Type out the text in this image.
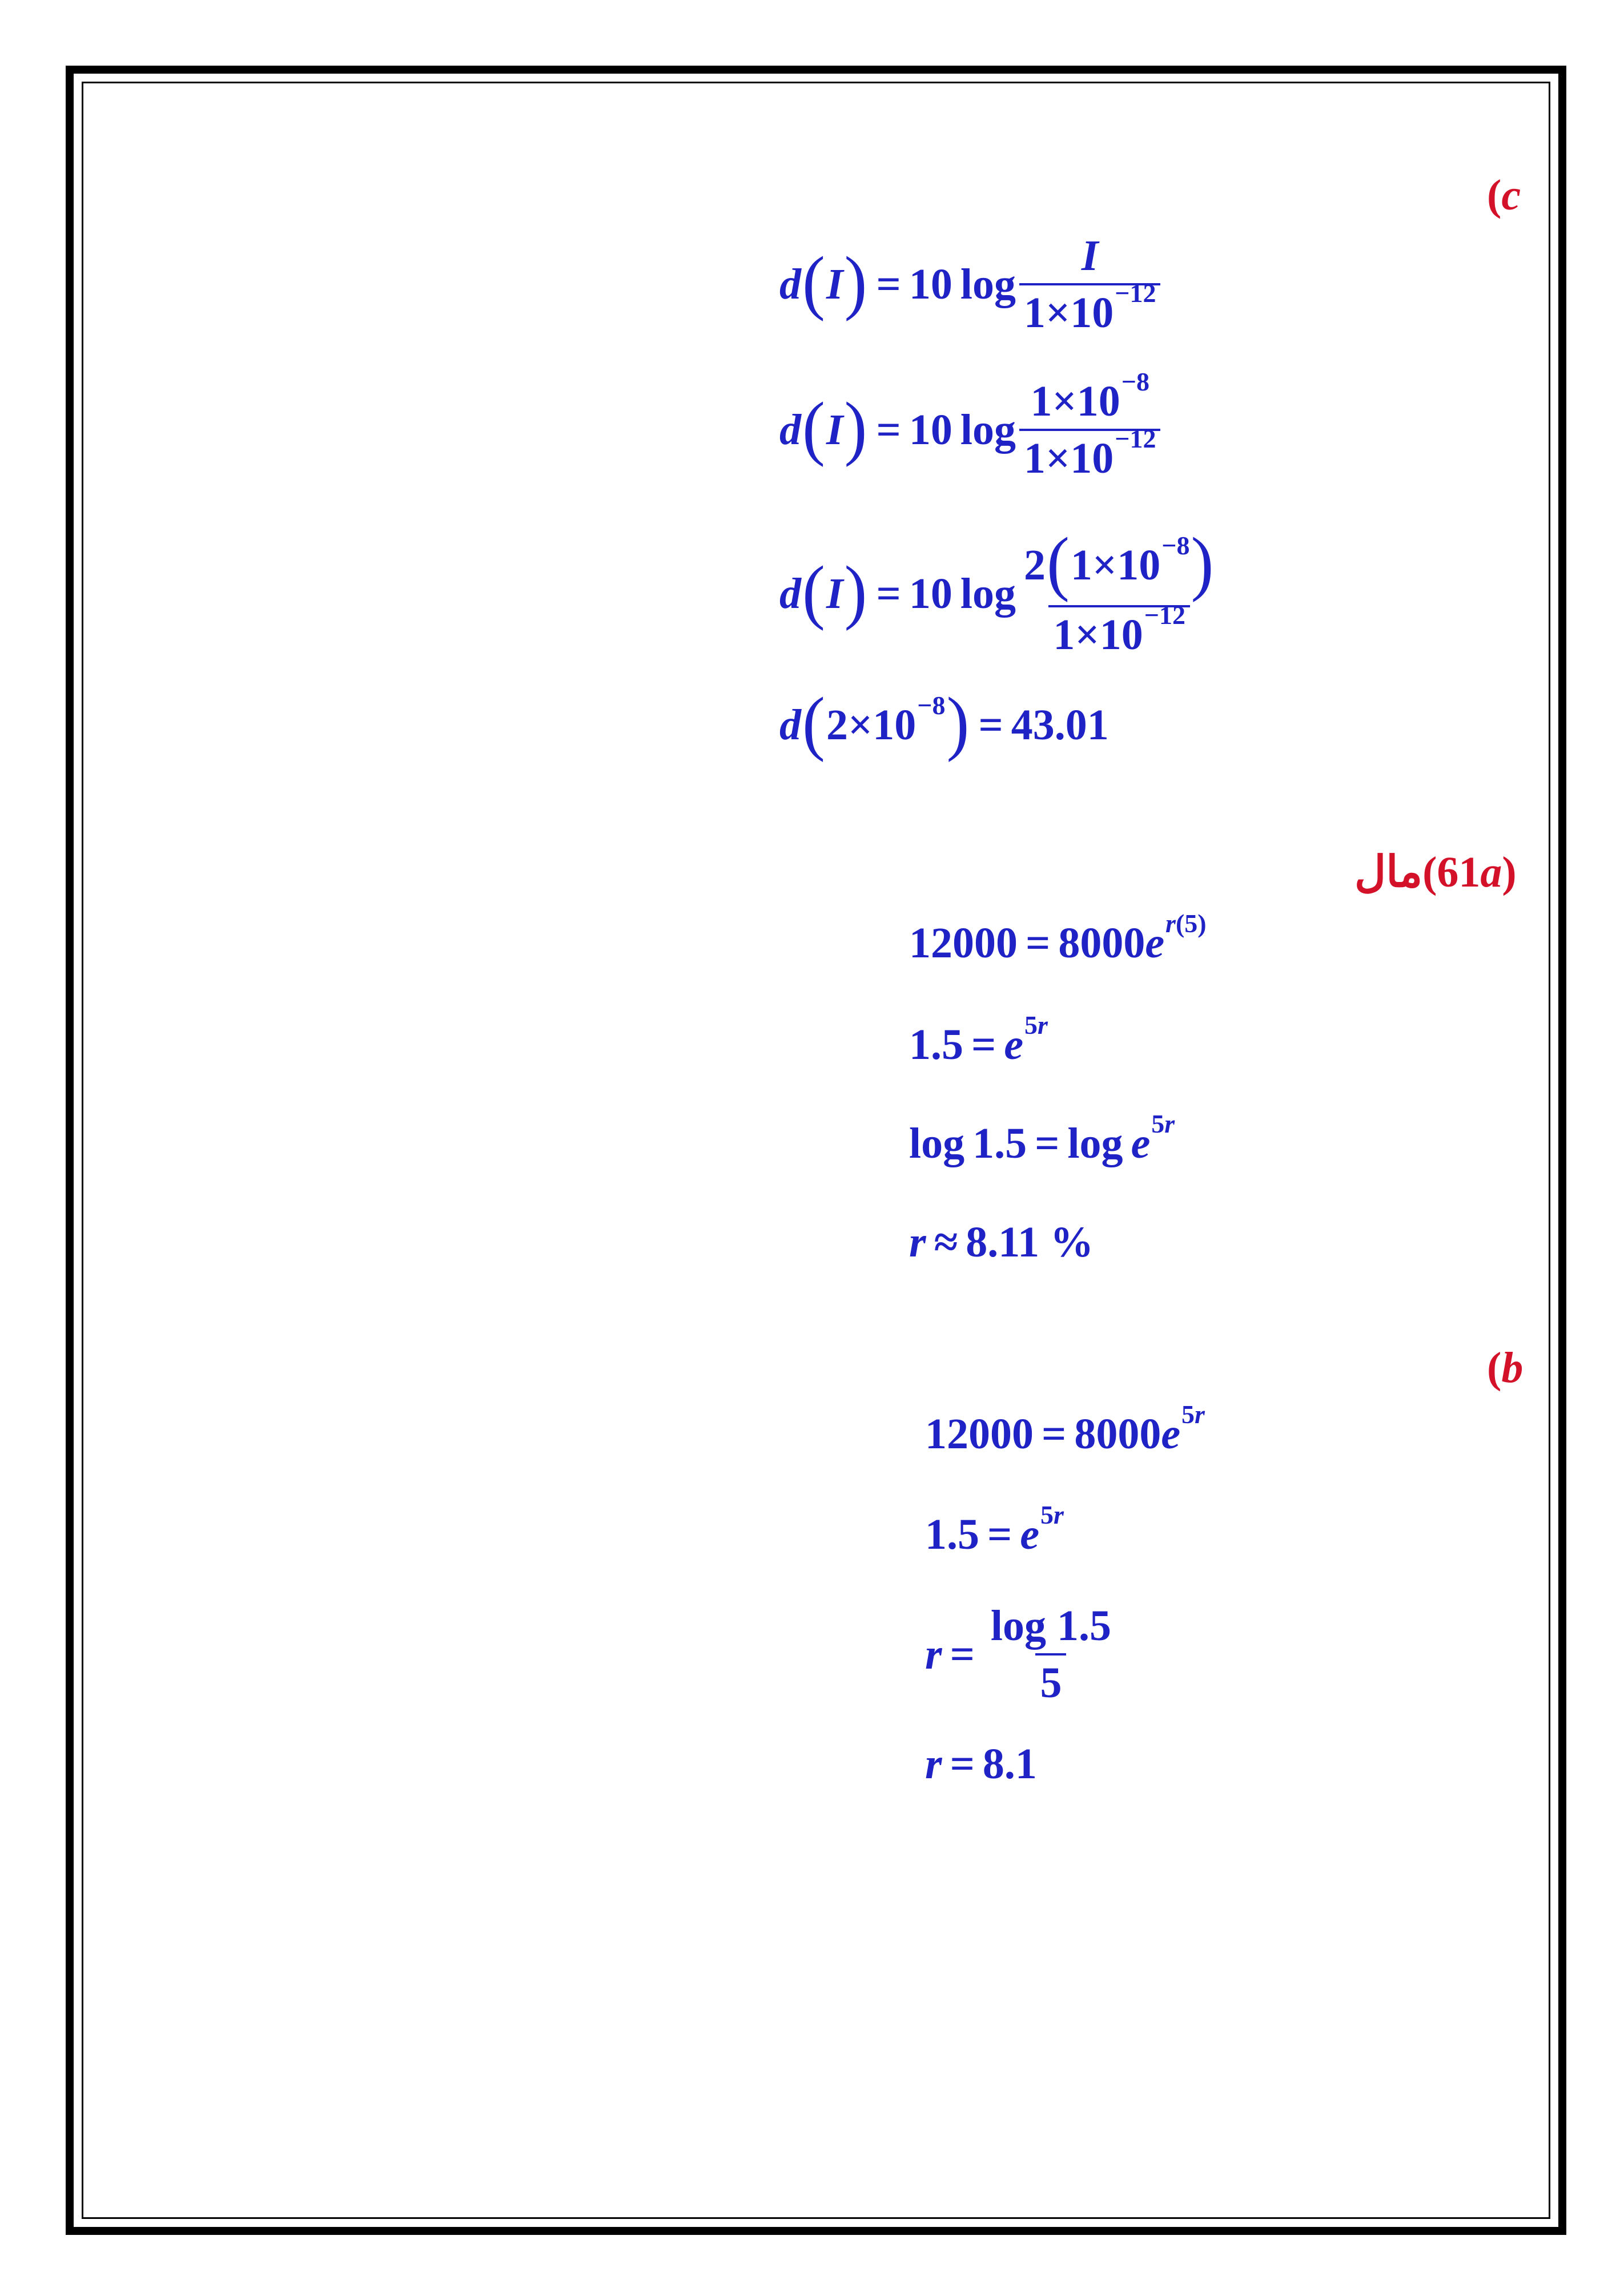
(c
d ( I ) = 10 $\log \frac{I}{1\times 10^{-12}}$
d ( I ) = 10 $\log \frac{1\times 10^{-8}}{1\times 10^{-12}}$
d ( I ) = 10 $\log \frac{2 ( 1\times 10^{-8} )}{1\times 10^{-12}}$
d ( $2\times 10^{-8}$ ) = 43.01
مال(61a)
12000 = 8000 e $^{r(5)}$
1.5 = e $^{5r}$
log 1.5 = log e $^{5r}$
r ≈ 8.11 %
(b
12000 = 8000 e $^{5r}$
1.5 = e $^{5r}$
$r = \frac{\log 1.5}{5}$
r = 8.1
